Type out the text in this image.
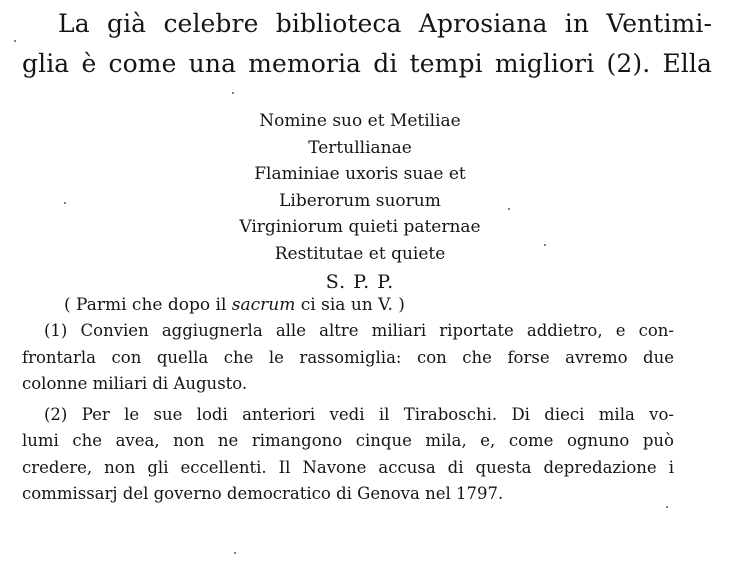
La già celebre biblioteca Aprosiana in Ventimi-
glia è come una memoria di tempi migliori (2). Ella
Nomine suo et Metiliae
Tertullianae
Flaminiae uxoris suae et
Liberorum suorum
Virginiorum quieti paternae
Restitutae et quiete
S. P. P.
( Parmi che dopo il sacrum ci sia un V. )
(1) Convien aggiugnerla alle altre miliari riportate addietro, e con-
frontarla con quella che le rassomiglia: con che forse avremo due
colonne miliari di Augusto.
(2) Per le sue lodi anteriori vedi il Tiraboschi. Di dieci mila vo-
lumi che avea, non ne rimangono cinque mila, e, come ognuno può
credere, non gli eccellenti. Il Navone accusa di questa depredazione i
commissarj del governo democratico di Genova nel 1797.
